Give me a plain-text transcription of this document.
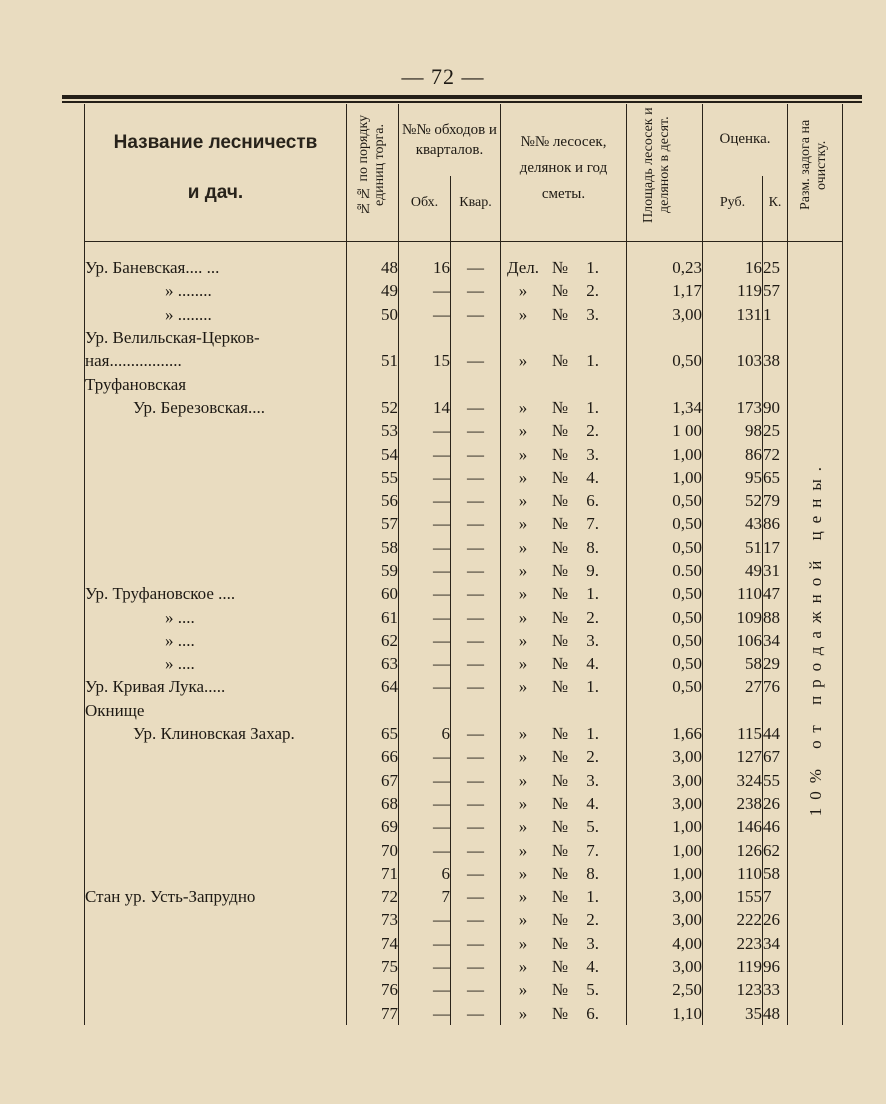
— 72 —
Название лесничеств
и дач.	№№ по порядку единиц торга.	№№ обходов и кварталов.		№№ лесосек, делянок и год сметы.	Площадь лесосек и делянок в десят.	Оценка.		Разм. задога на очистку.
		Обх.	Квар.			Руб.	К.	

Ур. Баневская.... ...	48	16	—	Дел. № 1.	0,23	16	25	10% от продажной цены.
» ........	49	—	—	» № 2.	1,17	119	57	
» ........	50	—	—	» № 3.	3,00	131	1	
Ур. Велильская-Церков-								
ная.................	51	15	—	» № 1.	0,50	103	38	
Труфановская								
Ур. Березовская....	52	14	—	» № 1.	1,34	173	90	
	53	—	—	» № 2.	1 00	98	25	
	54	—	—	» № 3.	1,00	86	72	
	55	—	—	» № 4.	1,00	95	65	
	56	—	—	» № 6.	0,50	52	79	
	57	—	—	» № 7.	0,50	43	86	
	58	—	—	» № 8.	0,50	51	17	
	59	—	—	» № 9.	0.50	49	31	
Ур. Труфановское ....	60	—	—	» № 1.	0,50	110	47	
» ....	61	—	—	» № 2.	0,50	109	88	
» ....	62	—	—	» № 3.	0,50	106	34	
» ....	63	—	—	» № 4.	0,50	58	29	
Ур. Кривая Лука.....	64	—	—	» № 1.	0,50	27	76	
Окнище								
Ур. Клиновская Захар.	65	6	—	» № 1.	1,66	115	44	
	66	—	—	» № 2.	3,00	127	67	
	67	—	—	» № 3.	3,00	324	55	
	68	—	—	» № 4.	3,00	238	26	
	69	—	—	» № 5.	1,00	146	46	
	70	—	—	» № 7.	1,00	126	62	
	71	6	—	» № 8.	1,00	110	58	
Стан ур. Усть-Запрудно	72	7	—	» № 1.	3,00	155	7	
	73	—	—	» № 2.	3,00	222	26	
	74	—	—	» № 3.	4,00	223	34	
	75	—	—	» № 4.	3,00	119	96	
	76	—	—	» № 5.	2,50	123	33	
	77	—	—	» № 6.	1,10	35	48	
